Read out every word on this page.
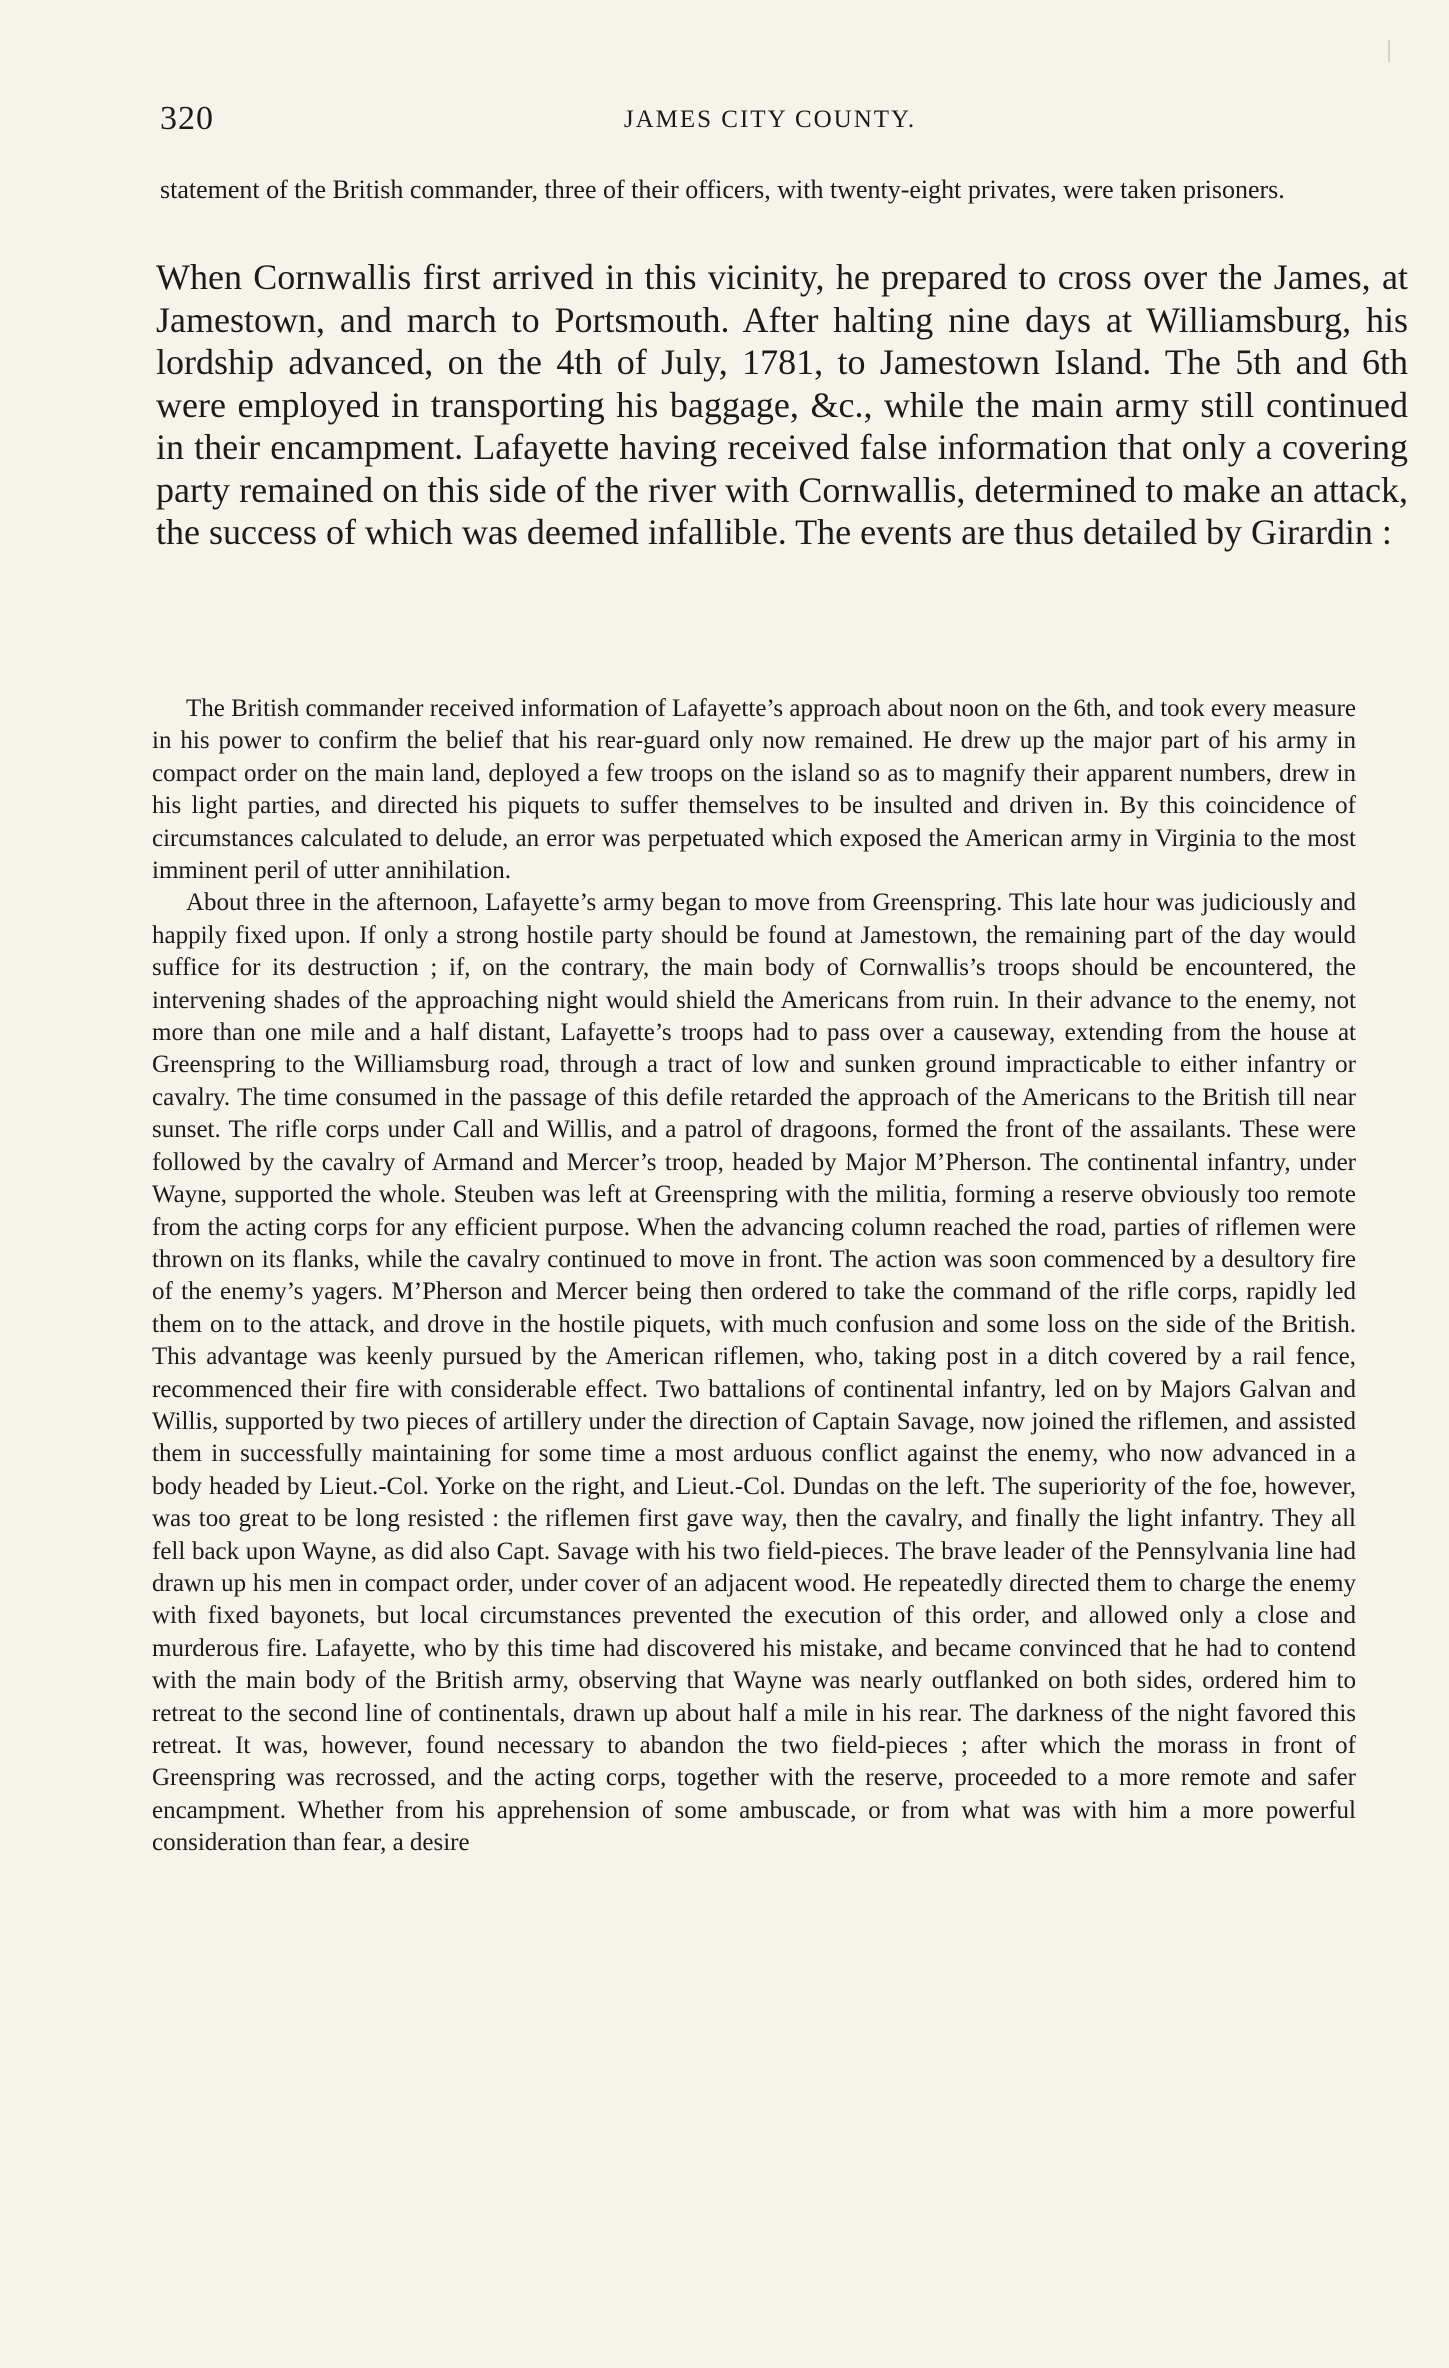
320	JAMES CITY COUNTY.

statement of the British commander, three of their officers, with twenty-eight privates, were taken prisoners.

When Cornwallis first arrived in this vicinity, he prepared to cross over the James, at Jamestown, and march to Portsmouth. After halting nine days at Williamsburg, his lordship advanced, on the 4th of July, 1781, to Jamestown Island. The 5th and 6th were employed in transporting his baggage, &c., while the main army still continued in their encampment. Lafayette having received false information that only a covering party remained on this side of the river with Cornwallis, determined to make an attack, the success of which was deemed infallible. The events are thus detailed by Girardin :

The British commander received information of Lafayette’s approach about noon on the 6th, and took every measure in his power to confirm the belief that his rear-guard only now remained. He drew up the major part of his army in compact order on the main land, deployed a few troops on the island so as to magnify their apparent numbers, drew in his light parties, and directed his piquets to suffer themselves to be insulted and driven in. By this coincidence of circumstances calculated to delude, an error was perpetuated which exposed the American army in Virginia to the most imminent peril of utter annihilation.

About three in the afternoon, Lafayette’s army began to move from Greenspring. This late hour was judiciously and happily fixed upon. If only a strong hostile party should be found at Jamestown, the remaining part of the day would suffice for its destruction ; if, on the contrary, the main body of Cornwallis’s troops should be encountered, the intervening shades of the approaching night would shield the Americans from ruin. In their advance to the enemy, not more than one mile and a half distant, Lafayette’s troops had to pass over a causeway, extending from the house at Greenspring to the Williamsburg road, through a tract of low and sunken ground impracticable to either infantry or cavalry. The time consumed in the passage of this defile retarded the approach of the Americans to the British till near sunset. The rifle corps under Call and Willis, and a patrol of dragoons, formed the front of the assailants. These were followed by the cavalry of Armand and Mercer’s troop, headed by Major M’Pherson. The continental infantry, under Wayne, supported the whole. Steuben was left at Greenspring with the militia, forming a reserve obviously too remote from the acting corps for any efficient purpose. When the advancing column reached the road, parties of riflemen were thrown on its flanks, while the cavalry continued to move in front. The action was soon commenced by a desultory fire of the enemy’s yagers. M’Pherson and Mercer being then ordered to take the command of the rifle corps, rapidly led them on to the attack, and drove in the hostile piquets, with much confusion and some loss on the side of the British. This advantage was keenly pursued by the American riflemen, who, taking post in a ditch covered by a rail fence, recommenced their fire with considerable effect. Two battalions of continental infantry, led on by Majors Galvan and Willis, supported by two pieces of artillery under the direction of Captain Savage, now joined the riflemen, and assisted them in successfully maintaining for some time a most arduous conflict against the enemy, who now advanced in a body headed by Lieut.-Col. Yorke on the right, and Lieut.-Col. Dundas on the left. The superiority of the foe, however, was too great to be long resisted : the riflemen first gave way, then the cavalry, and finally the light infantry. They all fell back upon Wayne, as did also Capt. Savage with his two field-pieces. The brave leader of the Pennsylvania line had drawn up his men in compact order, under cover of an adjacent wood. He repeatedly directed them to charge the enemy with fixed bayonets, but local circumstances prevented the execution of this order, and allowed only a close and murderous fire. Lafayette, who by this time had discovered his mistake, and became convinced that he had to contend with the main body of the British army, observing that Wayne was nearly outflanked on both sides, ordered him to retreat to the second line of continentals, drawn up about half a mile in his rear. The darkness of the night favored this retreat. It was, however, found necessary to abandon the two field-pieces ; after which the morass in front of Greenspring was recrossed, and the acting corps, together with the reserve, proceeded to a more remote and safer encampment. Whether from his apprehension of some ambuscade, or from what was with him a more powerful consideration than fear, a desire
